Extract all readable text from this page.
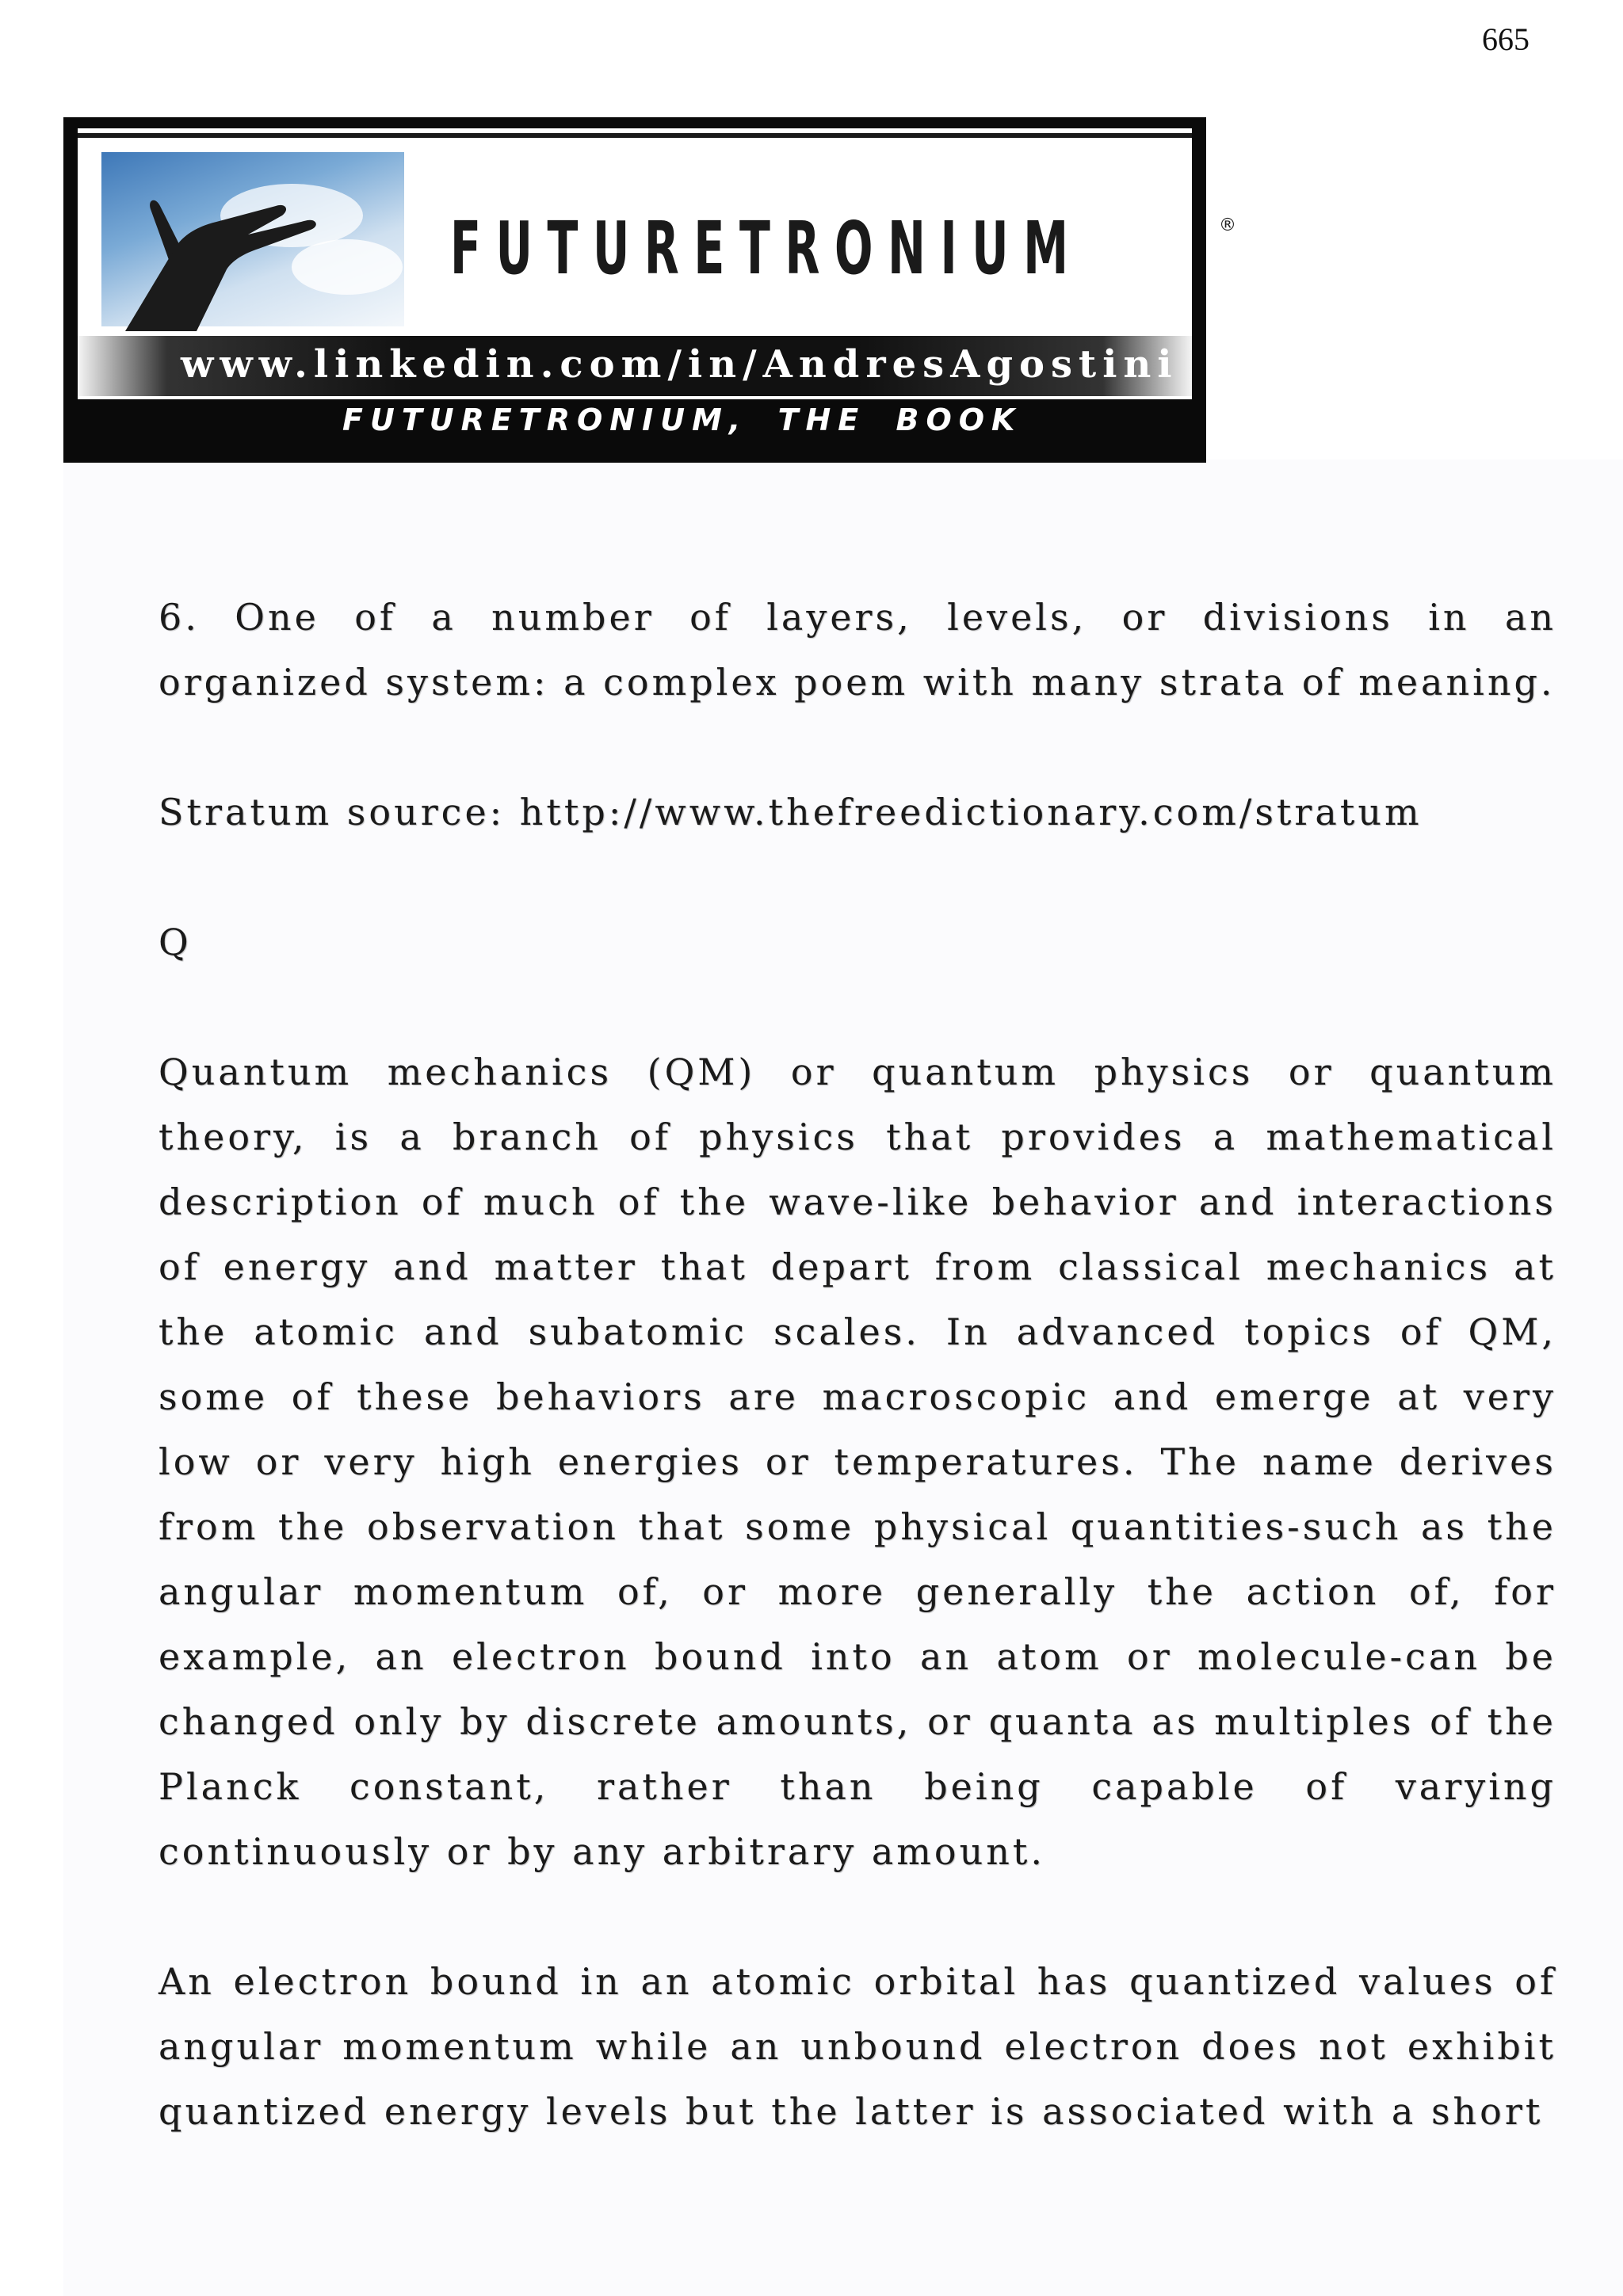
665
FUTURETRONIUM	®
www.linkedin.com/in/AndresAgostini
FUTURETRONIUM, THE BOOK

6. One of a number of layers, levels, or divisions in an organized system: a complex poem with many strata of meaning.

Stratum source: http://www.thefreedictionary.com/stratum

Q

Quantum mechanics (QM) or quantum physics or quantum theory, is a branch of physics that provides a mathematical description of much of the wave-like behavior and interactions of energy and matter that depart from classical mechanics at the atomic and subatomic scales. In advanced topics of QM, some of these behaviors are macroscopic and emerge at very low or very high energies or temperatures. The name derives from the observation that some physical quantities-such as the angular momentum of, or more generally the action of, for example, an electron bound into an atom or molecule-can be changed only by discrete amounts, or quanta as multiples of the Planck constant, rather than being capable of varying continuously or by any arbitrary amount.

An electron bound in an atomic orbital has quantized values of angular momentum while an unbound electron does not exhibit quantized energy levels but the latter is associated with a short
